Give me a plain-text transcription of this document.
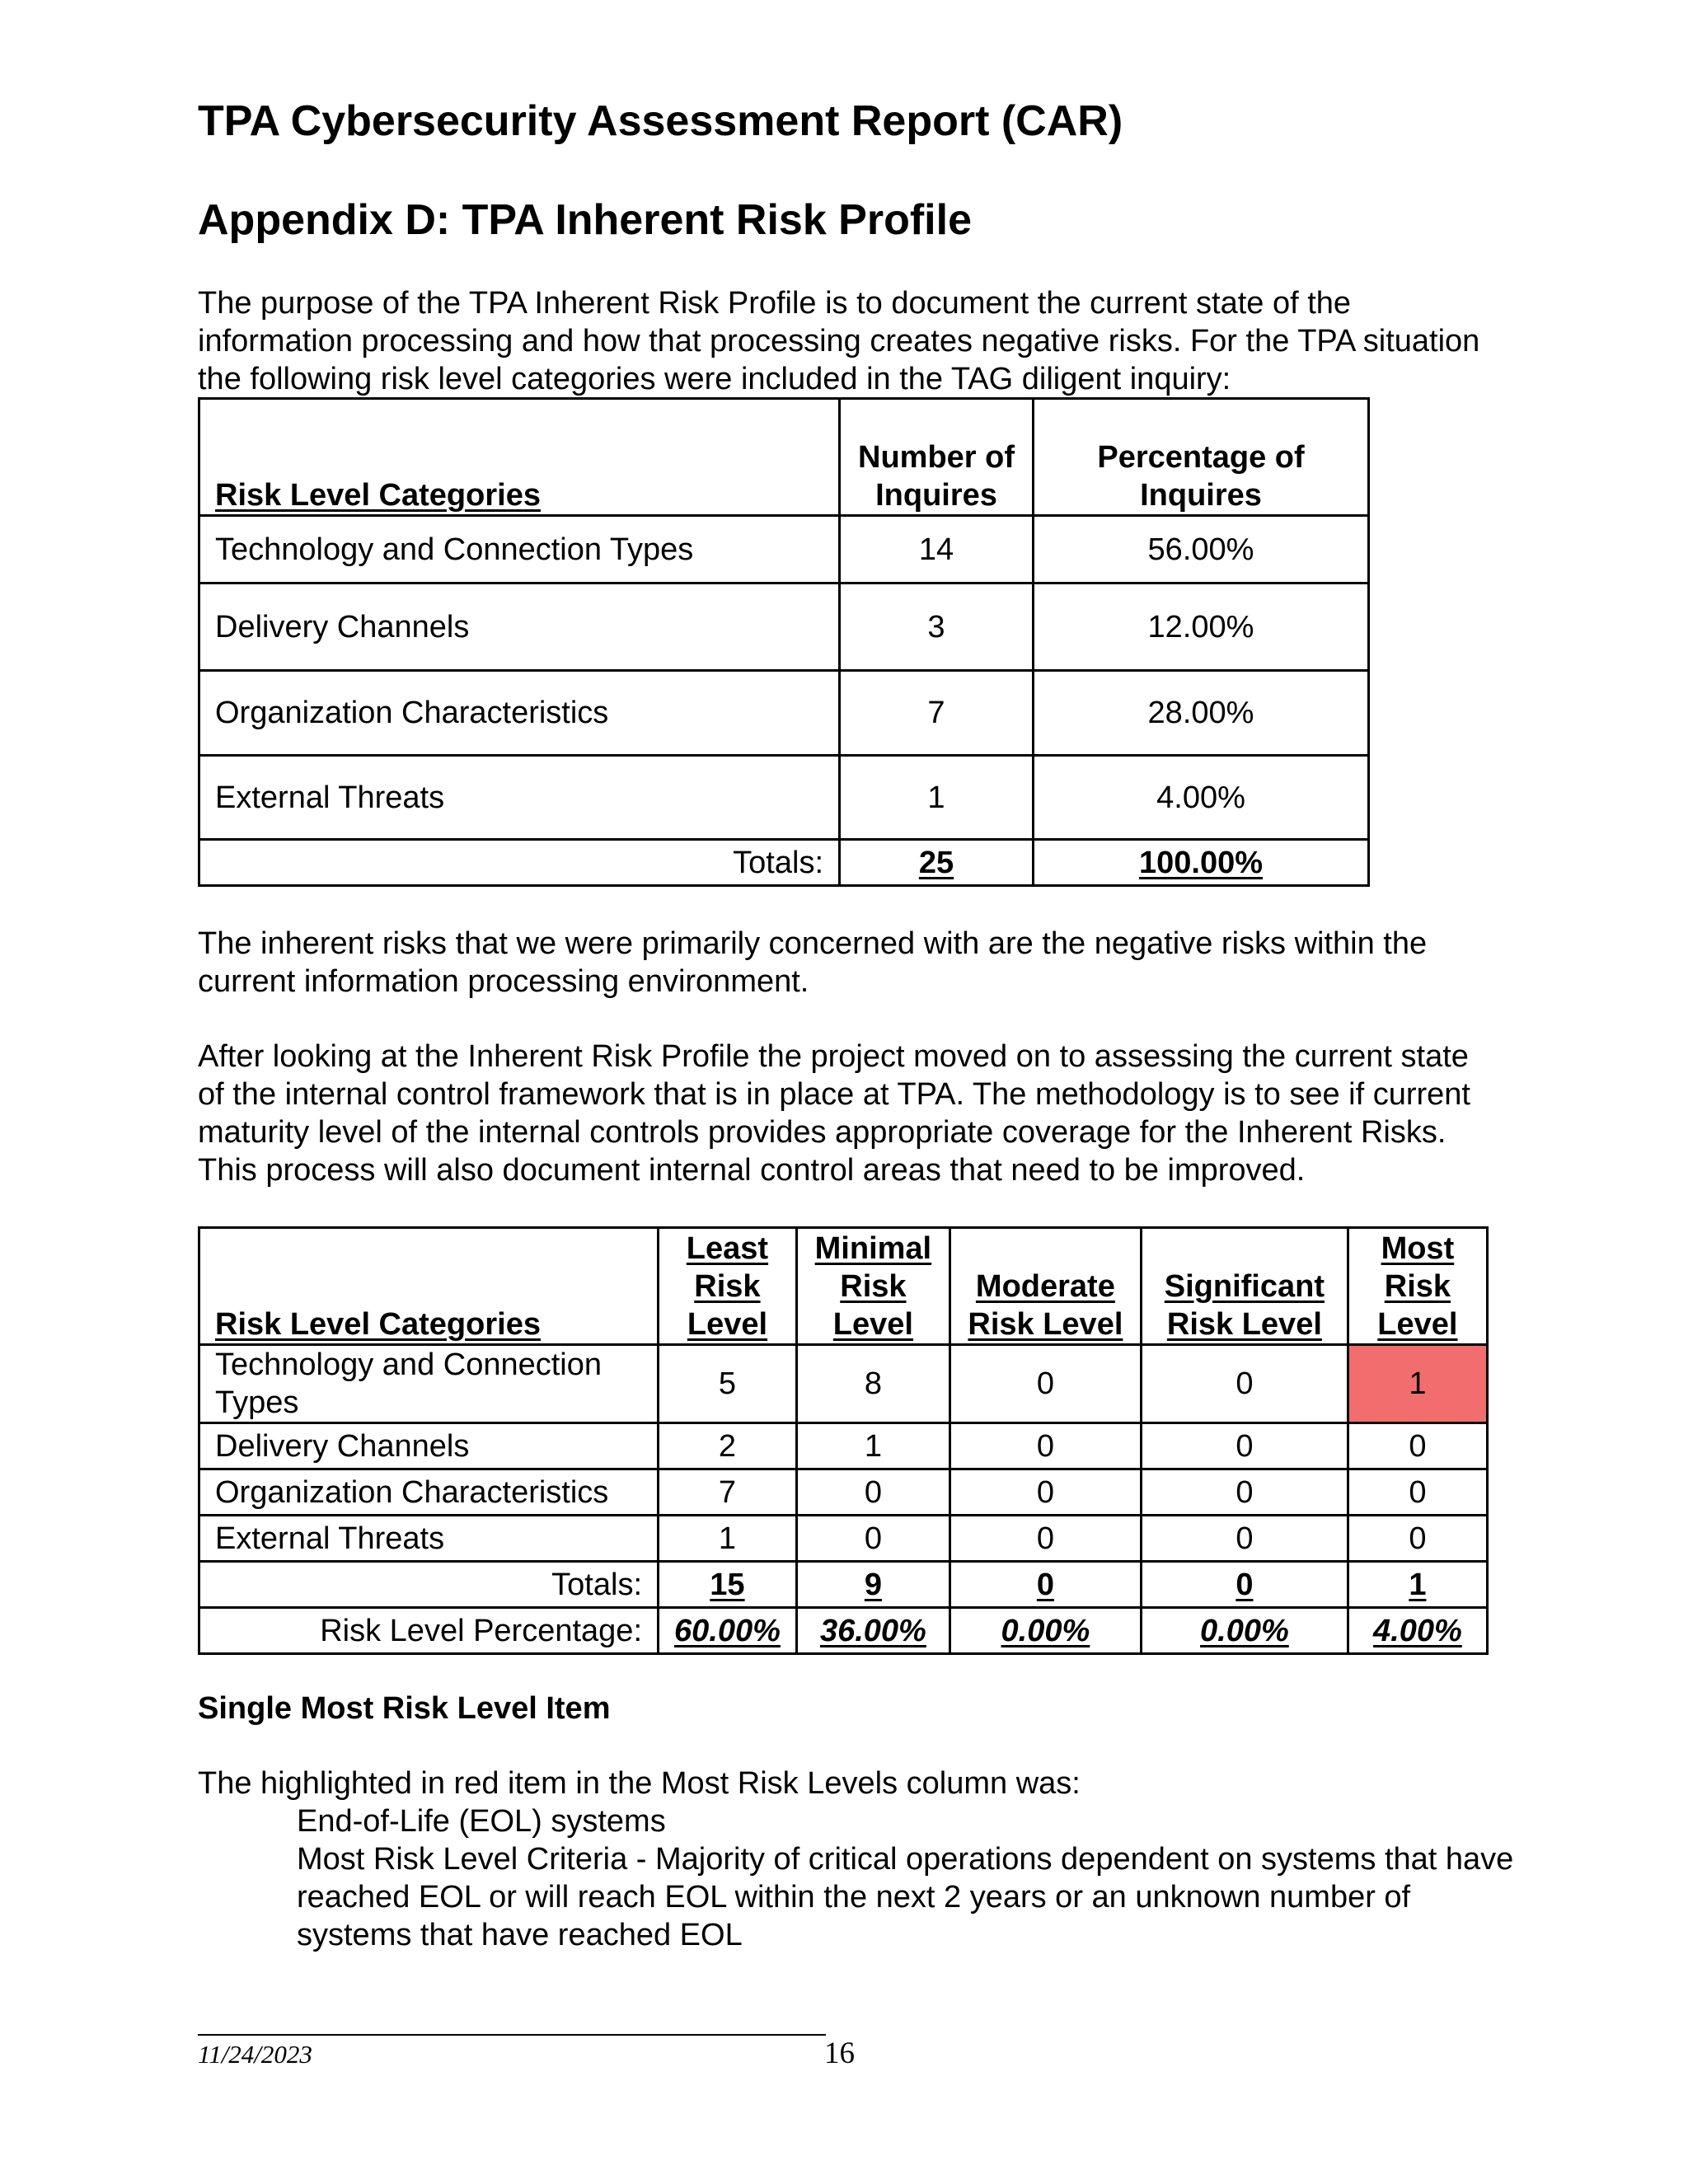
TPA Cybersecurity Assessment Report (CAR)
Appendix D: TPA Inherent Risk Profile

The purpose of the TPA Inherent Risk Profile is to document the current state of the information processing and how that processing creates negative risks. For the TPA situation the following risk level categories were included in the TAG diligent inquiry:

Risk Level Categories	Number of Inquires	Percentage of Inquires
Technology and Connection Types	14	56.00%
Delivery Channels	3	12.00%
Organization Characteristics	7	28.00%
External Threats	1	4.00%
Totals:	25	100.00%

The inherent risks that we were primarily concerned with are the negative risks within the current information processing environment.

After looking at the Inherent Risk Profile the project moved on to assessing the current state of the internal control framework that is in place at TPA. The methodology is to see if current maturity level of the internal controls provides appropriate coverage for the Inherent Risks. This process will also document internal control areas that need to be improved.

Risk Level Categories	Least Risk Level	Minimal Risk Level	Moderate Risk Level	Significant Risk Level	Most Risk Level
Technology and Connection Types	5	8	0	0	1
Delivery Channels	2	1	0	0	0
Organization Characteristics	7	0	0	0	0
External Threats	1	0	0	0	0
Totals:	15	9	0	0	1
Risk Level Percentage:	60.00%	36.00%	0.00%	0.00%	4.00%
Single Most Risk Level Item

The highlighted in red item in the Most Risk Levels column was:

End-of-Life (EOL) systems

Most Risk Level Criteria - Majority of critical operations dependent on systems that have reached EOL or will reach EOL within the next 2 years or an unknown number of systems that have reached EOL

11/24/2023	16
